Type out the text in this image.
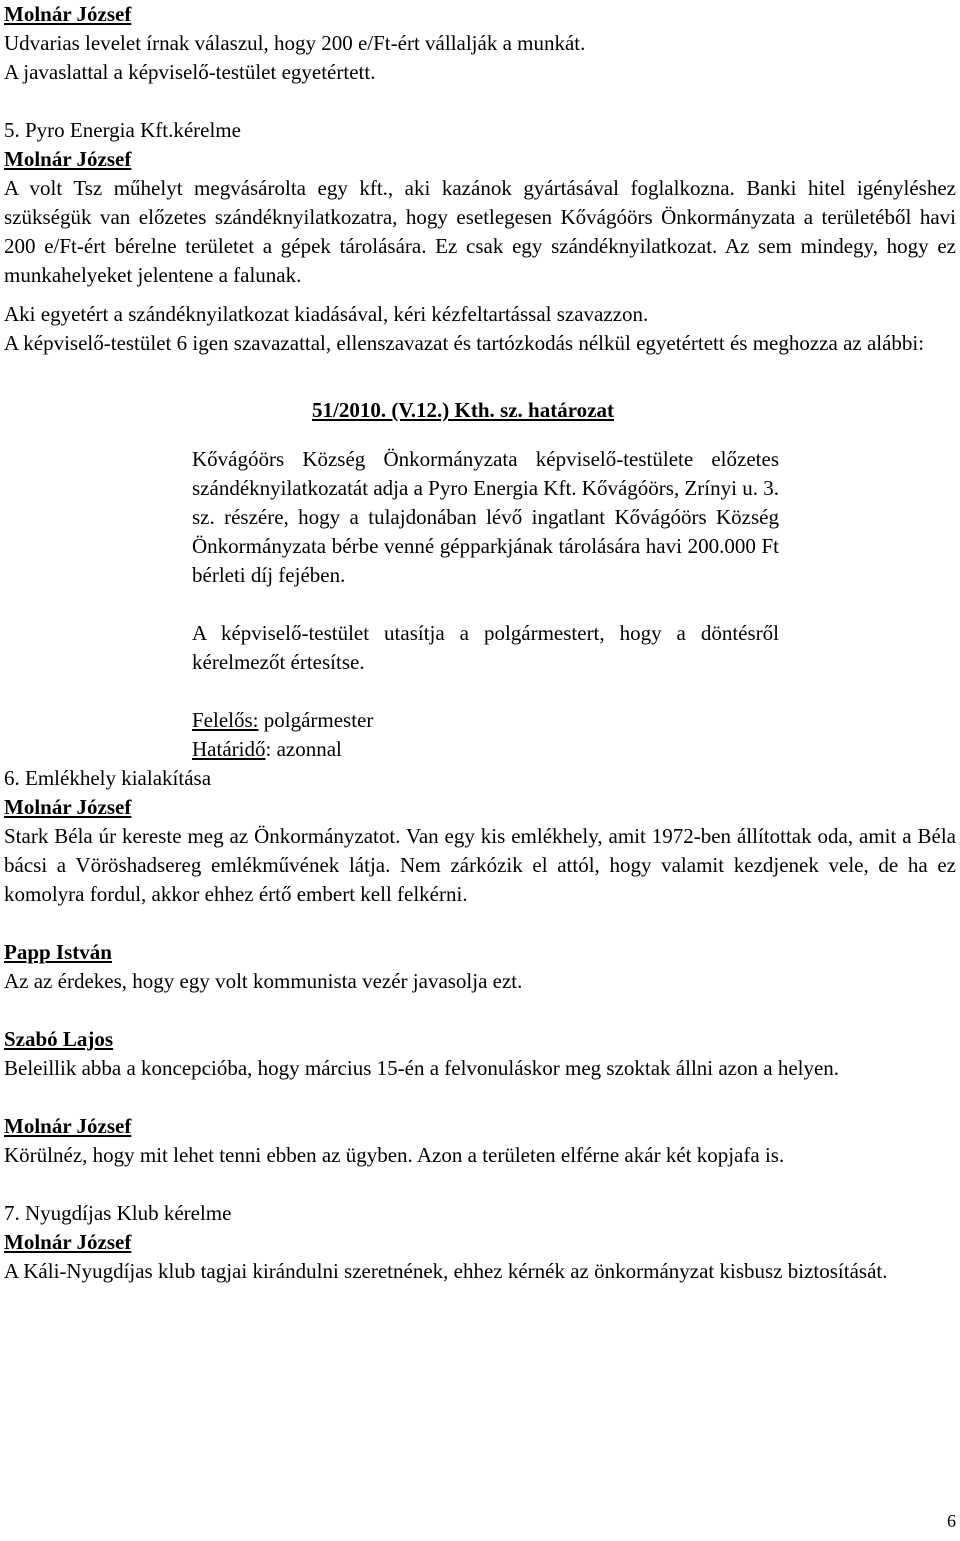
Molnár József

Udvarias levelet írnak válaszul, hogy 200 e/Ft-ért vállalják a munkát.

A javaslattal a képviselő-testület egyetértett.

5. Pyro Energia Kft.kérelme

Molnár József

A volt Tsz műhelyt megvásárolta egy kft., aki kazánok gyártásával foglalkozna. Banki hitel igényléshez szükségük van előzetes szándéknyilatkozatra, hogy esetlegesen Kővágóörs Önkormányzata a területéből havi 200 e/Ft-ért bérelne területet a gépek tárolására. Ez csak egy szándéknyilatkozat. Az sem mindegy, hogy ez munkahelyeket jelentene a falunak.

Aki egyetért a szándéknyilatkozat kiadásával, kéri kézfeltartással szavazzon.

A képviselő-testület 6 igen szavazattal, ellenszavazat és tartózkodás nélkül egyetértett és meghozza az alábbi:

51/2010. (V.12.) Kth. sz. határozat

Kővágóörs Község Önkormányzata képviselő-testülete előzetes szándéknyilatkozatát adja a Pyro Energia Kft. Kővágóörs, Zrínyi u. 3. sz. részére, hogy a tulajdonában lévő ingatlant Kővágóörs Község Önkormányzata bérbe venné gépparkjának tárolására havi 200.000 Ft bérleti díj fejében.

A képviselő-testület utasítja a polgármestert, hogy a döntésről kérelmezőt értesítse.

Felelős: polgármester

Határidő: azonnal

6. Emlékhely kialakítása

Molnár József

Stark Béla úr kereste meg az Önkormányzatot. Van egy kis emlékhely, amit 1972-ben állítottak oda, amit a Béla bácsi a Vöröshadsereg emlékművének látja. Nem zárkózik el attól, hogy valamit kezdjenek vele, de ha ez komolyra fordul, akkor ehhez értő embert kell felkérni.

Papp István

Az az érdekes, hogy egy volt kommunista vezér javasolja ezt.

Szabó Lajos

Beleillik abba a koncepcióba, hogy március 15-én a felvonuláskor meg szoktak állni azon a helyen.

Molnár József

Körülnéz, hogy mit lehet tenni ebben az ügyben. Azon a területen elférne akár két kopjafa is.

7. Nyugdíjas Klub kérelme

Molnár József

A Káli-Nyugdíjas klub tagjai kirándulni szeretnének, ehhez kérnék az önkormányzat kisbusz biztosítását.

6
